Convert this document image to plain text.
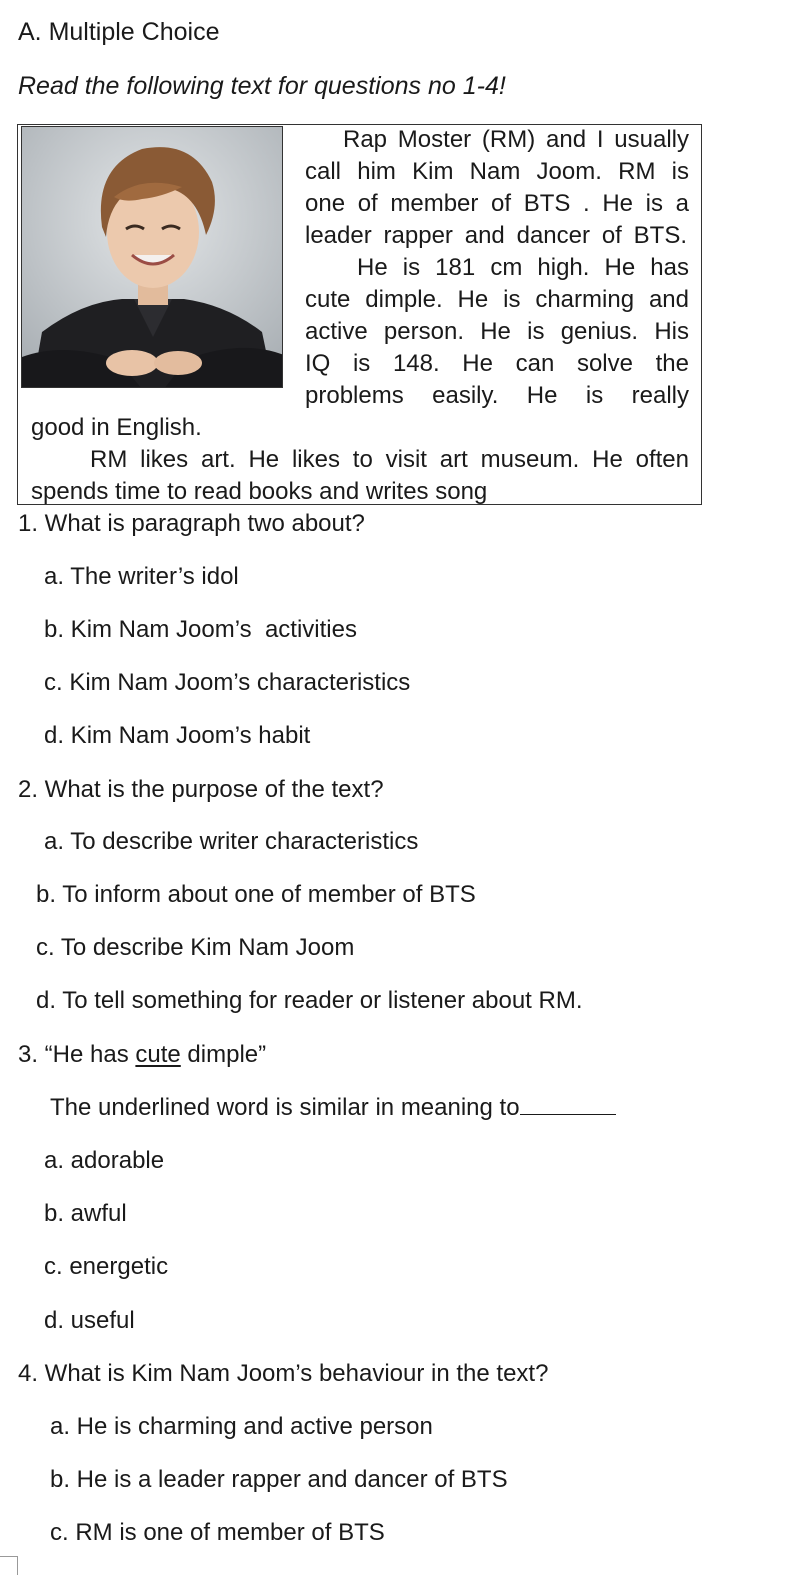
A. Multiple Choice
Read the following text for questions no 1-4!
Rap Moster (RM) and I usually
call him Kim Nam Joom. RM is
one of member of BTS . He is a
leader rapper and dancer of BTS.
He is 181 cm high. He has
cute dimple. He is charming and
active person. He is genius. His
IQ is 148. He can solve the
problems easily. He is really
good in English.
RM likes art. He likes to visit art museum. He often
spends time to read books and writes song
1. What is paragraph two about?
a. The writer’s idol
b. Kim Nam Joom’s  activities
c. Kim Nam Joom’s characteristics
d. Kim Nam Joom’s habit
2. What is the purpose of the text?
a. To describe writer characteristics
b. To inform about one of member of BTS
c. To describe Kim Nam Joom
d. To tell something for reader or listener about RM.
3. “He has cute dimple”
The underlined word is similar in meaning to
a. adorable
b. awful
c. energetic
d. useful
4. What is Kim Nam Joom’s behaviour in the text?
a. He is charming and active person
b. He is a leader rapper and dancer of BTS
c. RM is one of member of BTS
